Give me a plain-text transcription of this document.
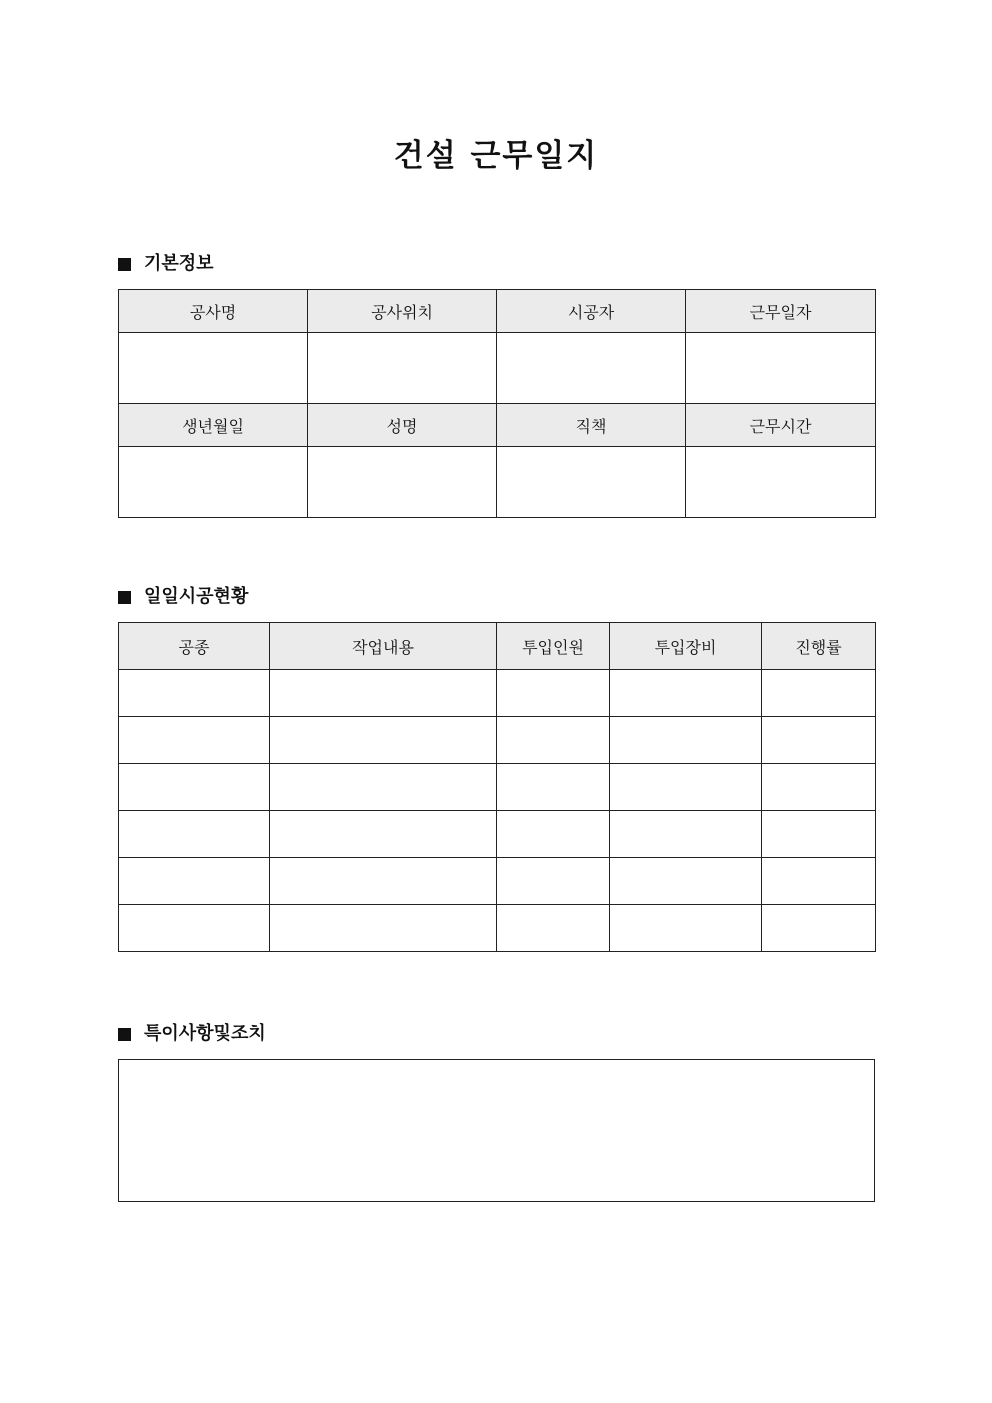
건설 근무일지
기본정보
공사명	공사위치	시공자	근무일자

생년월일	성명	직책	근무시간

일일시공현황
공종	작업내용	투입인원	투입장비	진행률

특이사항및조치
